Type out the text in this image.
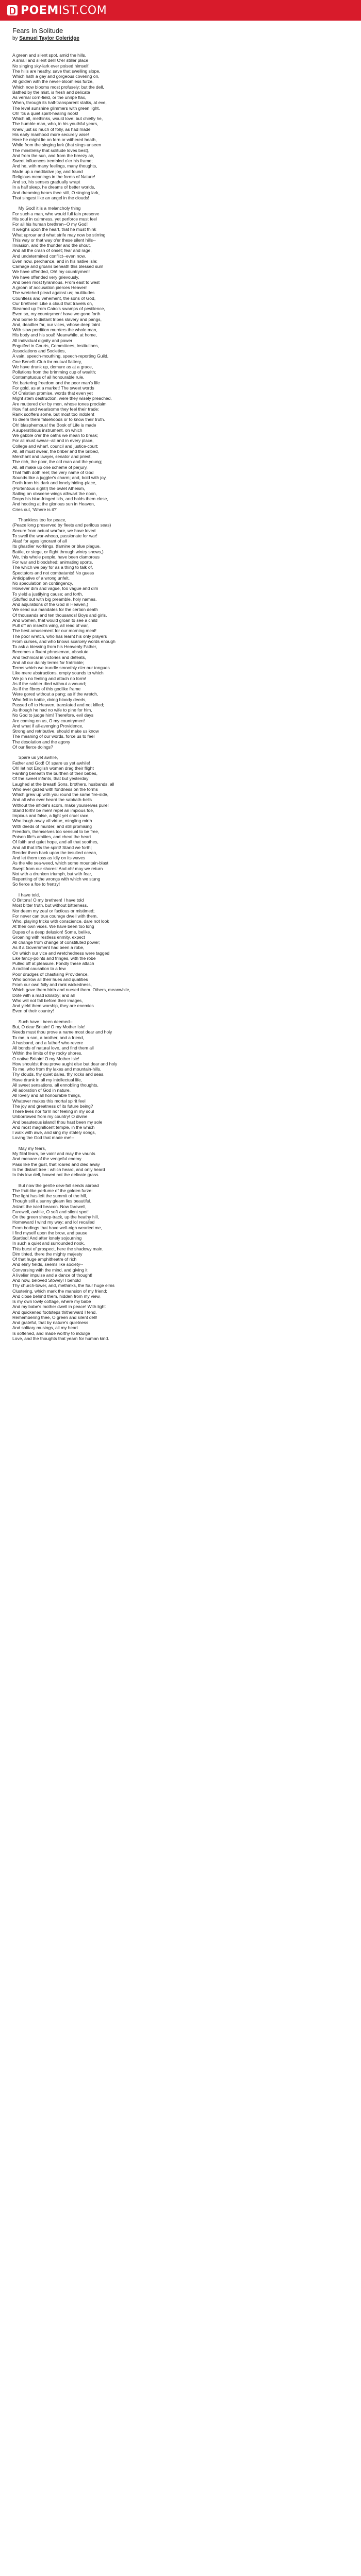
POEM IST.COM
Fears In Solitude
by Samuel Taylor Coleridge
A green and silent spot, amid the hills,
A small and silent dell! O'er stiller place
No singing sky-lark ever poised himself.
The hills are heathy, save that swelling slope,
Which hath a gay and gorgeous covering on,
All golden with the never-bloomless furze,
Which now blooms most profusely: but the dell,
Bathed by the mist, is fresh and delicate
As vernal corn-field, or the unripe flax,
When, through its half-transparent stalks, at eve,
The level sunshine glimmers with green light.
Oh! 'tis a quiet spirit-healing nook!
Which all, methinks, would love; but chiefly he,
The humble man, who, in his youthful years,
Knew just so much of folly, as had made
His early manhood more securely wise!
Here he might lie on fern or withered heath,
While from the singing lark (that sings unseen
The minstrelsy that solitude loves best),
And from the sun, and from the breezy air,
Sweet influences trembled o'er his frame;
And he, with many feelings, many thoughts,
Made up a meditative joy, and found
Religious meanings in the forms of Nature!
And so, his senses gradually wrapt
In a half sleep, he dreams of better worlds,
And dreaming hears thee still, O singing lark,
That singest like an angel in the clouds!

My God! it is a melancholy thing
For such a man, who would full fain preserve
His soul in calmness, yet perforce must feel
For all his human brethren--O my God!
It weighs upon the heart, that he must think
What uproar and what strife may now be stirring
This way or that way o'er these silent hills--
Invasion, and the thunder and the shout,
And all the crash of onset; fear and rage,
And undetermined conflict--even now,
Even now, perchance, and in his native isle:
Carnage and groans beneath this blessed sun!
We have offended, Oh! my countrymen!
We have offended very grievously,
And been most tyrannous. From east to west
A groan of accusation pierces Heaven!
The wretched plead against us; multitudes
Countless and vehement, the sons of God,
Our brethren! Like a cloud that travels on,
Steamed up from Cairo's swamps of pestilence,
Even so, my countrymen! have we gone forth
And borne to distant tribes slavery and pangs,
And, deadlier far, our vices, whose deep taint
With slow perdition murders the whole man,
His body and his soul! Meanwhile, at home,
All individual dignity and power
Engulfed in Courts, Committees, Institutions,
Associations and Societies,
A vain, speech-mouthing, speech-reporting Guild,
One Benefit-Club for mutual flattery,
We have drunk up, demure as at a grace,
Pollutions from the brimming cup of wealth;
Contemptuous of all honourable rule,
Yet bartering freedom and the poor man's life
For gold, as at a market! The sweet words
Of Christian promise, words that even yet
Might stem destruction, were they wisely preached,
Are muttered o'er by men, whose tones proclaim
How flat and wearisome they feel their trade:
Rank scoffers some, but most too indolent
To deem them falsehoods or to know their truth.
Oh! blasphemous! the Book of Life is made
A superstitious instrument, on which
We gabble o'er the oaths we mean to break;
For all must swear--all and in every place,
College and wharf, council and justice-court;
All, all must swear, the briber and the bribed,
Merchant and lawyer, senator and priest,
The rich, the poor, the old man and the young;
All, all make up one scheme of perjury,
That faith doth reel; the very name of God
Sounds like a juggler's charm; and, bold with joy,
Forth from his dark and lonely hiding-place,
(Portentous sight!) the owlet Atheism,
Sailing on obscene wings athwart the noon,
Drops his blue-fringed lids, and holds them close,
And hooting at the glorious sun in Heaven,
Cries out, 'Where is it?'

Thankless too for peace,
(Peace long preserved by fleets and perilous seas)
Secure from actual warfare, we have loved
To swell the war-whoop, passionate for war!
Alas! for ages ignorant of all
Its ghastlier workings, (famine or blue plague,
Battle, or siege, or flight through wintry snows,)
We, this whole people, have been clamorous
For war and bloodshed; animating sports,
The which we pay for as a thing to talk of,
Spectators and not combatants! No guess
Anticipative of a wrong unfelt,
No speculation on contingency,
However dim and vague, too vague and dim
To yield a justifying cause; and forth,
(Stuffed out with big preamble, holy names,
And adjurations of the God in Heaven,)
We send our mandates for the certain death
Of thousands and ten thousands! Boys and girls,
And women, that would groan to see a child
Pull off an insect's wing, all read of war,
The best amusement for our morning meal!
The poor wretch, who has learnt his only prayers
From curses, and who knows scarcely words enough
To ask a blessing from his Heavenly Father,
Becomes a fluent phraseman, absolute
And technical in victories and defeats,
And all our dainty terms for fratricide;
Terms which we trundle smoothly o'er our tongues
Like mere abstractions, empty sounds to which
We join no feeling and attach no form!
As if the soldier died without a wound;
As if the fibres of this godlike frame
Were gored without a pang; as if the wretch,
Who fell in battle, doing bloody deeds,
Passed off to Heaven, translated and not killed;
As though he had no wife to pine for him,
No God to judge him! Therefore, evil days
Are coming on us, O my countrymen!
And what if all-avenging Providence,
Strong and retributive, should make us know
The meaning of our words, force us to feel
The desolation and the agony
Of our fierce doings?

Spare us yet awhile,
Father and God! O! spare us yet awhile!
Oh! let not English women drag their flight
Fainting beneath the burthen of their babes,
Of the sweet infants, that but yesterday
Laughed at the breast! Sons, brothers, husbands, all
Who ever gazed with fondness on the forms
Which grew up with you round the same fire-side,
And all who ever heard the sabbath-bells
Without the infidel's scorn, make yourselves pure!
Stand forth! be men! repel an impious foe,
Impious and false, a light yet cruel race,
Who laugh away all virtue, mingling mirth
With deeds of murder; and still promising
Freedom, themselves too sensual to be free,
Poison life's amities, and cheat the heart
Of faith and quiet hope, and all that soothes,
And all that lifts the spirit! Stand we forth;
Render them back upon the insulted ocean,
And let them toss as idly on its waves
As the vile sea-weed, which some mountain-blast
Swept from our shores! And oh! may we return
Not with a drunken triumph, but with fear,
Repenting of the wrongs with which we stung
So fierce a foe to frenzy!

I have told,
O Britons! O my brethren! I have told
Most bitter truth, but without bitterness.
Nor deem my zeal or factious or mistimed;
For never can true courage dwell with them,
Who, playing tricks with conscience, dare not look
At their own vices. We have been too long
Dupes of a deep delusion! Some, belike,
Groaning with restless enmity, expect
All change from change of constituted power;
As if a Government had been a robe,
On which our vice and wretchedness were tagged
Like fancy-points and fringes, with the robe
Pulled off at pleasure. Fondly these attach
A radical causation to a few
Poor drudges of chastising Providence,
Who borrow all their hues and qualities
From our own folly and rank wickedness,
Which gave them birth and nursed them. Others, meanwhile,
Dote with a mad idolatry; and all
Who will not fall before their images,
And yield them worship, they are enemies
Even of their country!

Such have I been deemed--
But, O dear Britain! O my Mother Isle!
Needs must thou prove a name most dear and holy
To me, a son, a brother, and a friend,
A husband, and a father! who revere
All bonds of natural love, and find them all
Within the limits of thy rocky shores.
O native Britain! O my Mother Isle!
How shouldst thou prove aught else but dear and holy
To me, who from thy lakes and mountain-hills,
Thy clouds, thy quiet dales, thy rocks and seas,
Have drunk in all my intellectual life,
All sweet sensations, all ennobling thoughts,
All adoration of God in nature,
All lovely and all honourable things,
Whatever makes this mortal spirit feel
The joy and greatness of its future being?
There lives nor form nor feeling in my soul
Unborrowed from my country! O divine
And beauteous island! thou hast been my sole
And most magnificent temple, in the which
I walk with awe, and sing my stately songs,
Loving the God that made me!--

May my fears,
My filial fears, be vain! and may the vaunts
And menace of the vengeful enemy
Pass like the gust, that roared and died away
In the distant tree : which heard, and only heard
In this low dell, bowed not the delicate grass.

But now the gentle dew-fall sends abroad
The fruit-like perfume of the golden furze:
The light has left the summit of the hill,
Though still a sunny gleam lies beautiful,
Aslant the ivied beacon. Now farewell,
Farewell, awhile, O soft and silent spot!
On the green sheep-track, up the heathy hill,
Homeward I wind my way; and lo! recalled
From bodings that have well-nigh wearied me,
I find myself upon the brow, and pause
Startled! And after lonely sojourning
In such a quiet and surrounded nook,
This burst of prospect, here the shadowy main,
Dim tinted, there the mighty majesty
Of that huge amphitheatre of rich
And elmy fields, seems like society--
Conversing with the mind, and giving it
A livelier impulse and a dance of thought!
And now, beloved Stowey! I behold
Thy church-tower, and, methinks, the four huge elms
Clustering, which mark the mansion of my friend;
And close behind them, hidden from my view,
Is my own lowly cottage, where my babe
And my babe's mother dwell in peace! With light
And quickened footsteps thitherward I tend,
Remembering thee, O green and silent dell!
And grateful, that by nature's quietness
And solitary musings, all my heart
Is softened, and made worthy to indulge
Love, and the thoughts that yearn for human kind.
